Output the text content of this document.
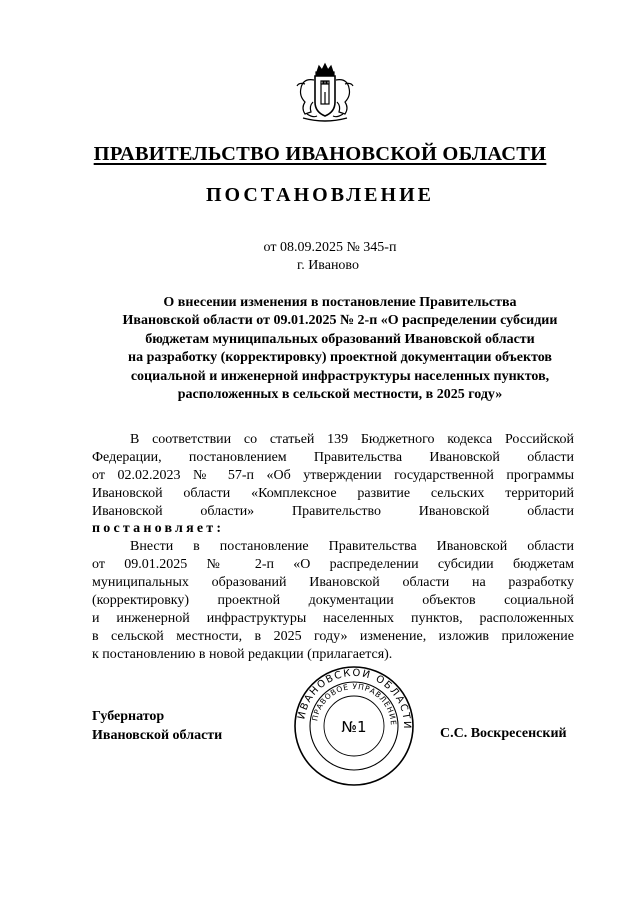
ПРАВИТЕЛЬСТВО ИВАНОВСКОЙ ОБЛАСТИ
ПОСТАНОВЛЕНИЕ
от 08.09.2025 № 345-п
г. Иваново
О внесении изменения в постановление Правительства
Ивановской области от 09.01.2025 № 2-п «О распределении субсидии
бюджетам муниципальных образований Ивановской области
на разработку (корректировку) проектной документации объектов
социальной и инженерной инфраструктуры населенных пунктов,
расположенных в сельской местности, в 2025 году»
В соответствии со статьей 139 Бюджетного кодекса Российской
Федерации, постановлением Правительства Ивановской области
от 02.02.2023 № 57-п «Об утверждении государственной программы
Ивановской области «Комплексное развитие сельских территорий
Ивановской области» Правительство Ивановской области
постановляет:
Внести в постановление Правительства Ивановской области
от 09.01.2025 № 2-п «О распределении субсидии бюджетам
муниципальных образований Ивановской области на разработку
(корректировку) проектной документации объектов социальной
и инженерной инфраструктуры населенных пунктов, расположенных
в сельской местности, в 2025 году» изменение, изложив приложение
к постановлению в новой редакции (прилагается).
Губернатор
Ивановской области
ИВАНОВСКОЙ ОБЛАСТИ
ПРАВОВОЕ УПРАВЛЕНИЕ
№1	С.С. Воскресенский
